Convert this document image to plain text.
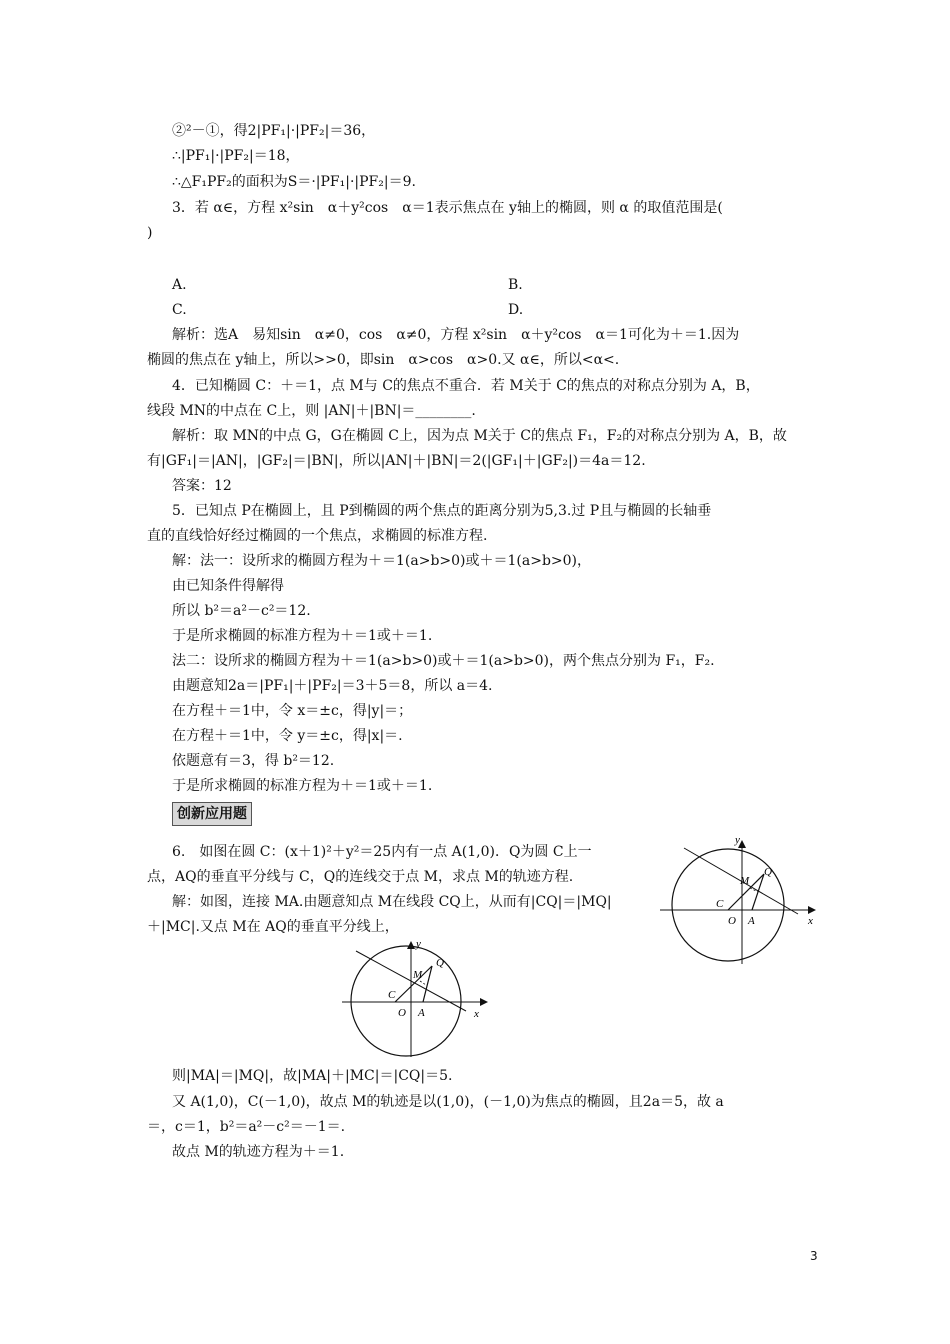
②²－①，得2|PF₁|·|PF₂|＝36，
∴|PF₁|·|PF₂|＝18，
∴△F₁PF₂的面积为S＝·|PF₁|·|PF₂|＝9.
3．若 α∈，方程 x²sin　α＋y²cos　α＝1表示焦点在 y轴上的椭圆，则 α 的取值范围是(
)
A.	B.
C.	D.
解析：选A　易知sin　α≠0，cos　α≠0，方程 x²sin　α＋y²cos　α＝1可化为＋＝1.因为
椭圆的焦点在 y轴上，所以>>0，即sin　α>cos　α>0.又 α∈，所以<α<.
4．已知椭圆 C：＋＝1，点 M与 C的焦点不重合．若 M关于 C的焦点的对称点分别为 A，B，
线段 MN的中点在 C上，则 |AN|＋|BN|＝________.
解析：取 MN的中点 G，G在椭圆 C上，因为点 M关于 C的焦点 F₁，F₂的对称点分别为 A，B，故
有|GF₁|＝|AN|，|GF₂|＝|BN|，所以|AN|＋|BN|＝2(|GF₁|＋|GF₂|)＝4a＝12.
答案：12
5．已知点 P在椭圆上，且 P到椭圆的两个焦点的距离分别为5,3.过 P且与椭圆的长轴垂
直的直线恰好经过椭圆的一个焦点，求椭圆的标准方程.
解：法一：设所求的椭圆方程为＋＝1(a>b>0)或＋＝1(a>b>0)，
由已知条件得解得
所以 b²＝a²－c²＝12.
于是所求椭圆的标准方程为＋＝1或＋＝1.
法二：设所求的椭圆方程为＋＝1(a>b>0)或＋＝1(a>b>0)，两个焦点分别为 F₁，F₂.
由题意知2a＝|PF₁|＋|PF₂|＝3＋5＝8，所以 a＝4.
在方程＋＝1中，令 x＝±c，得|y|＝；
在方程＋＝1中，令 y＝±c，得|x|＝.
依题意有＝3，得 b²＝12.
于是所求椭圆的标准方程为＋＝1或＋＝1.
创新应用题
6.　如图在圆 C：(x＋1)²＋y²＝25内有一点 A(1,0)．Q为圆 C上一
点，AQ的垂直平分线与 C，Q的连线交于点 M，求点 M的轨迹方程.
解：如图，连接 MA.由题意知点 M在线段 CQ上，从而有|CQ|＝|MQ|
＋|MC|.又点 M在 AQ的垂直平分线上，
y
x
O A
C
M
Q
y
x
O A
C
M
Q
则|MA|＝|MQ|，故|MA|＋|MC|＝|CQ|＝5.
又 A(1,0)，C(－1,0)，故点 M的轨迹是以(1,0)，(－1,0)为焦点的椭圆，且2a＝5，故 a
＝，c＝1，b²＝a²－c²＝－1＝.
故点 M的轨迹方程为＋＝1.
3
